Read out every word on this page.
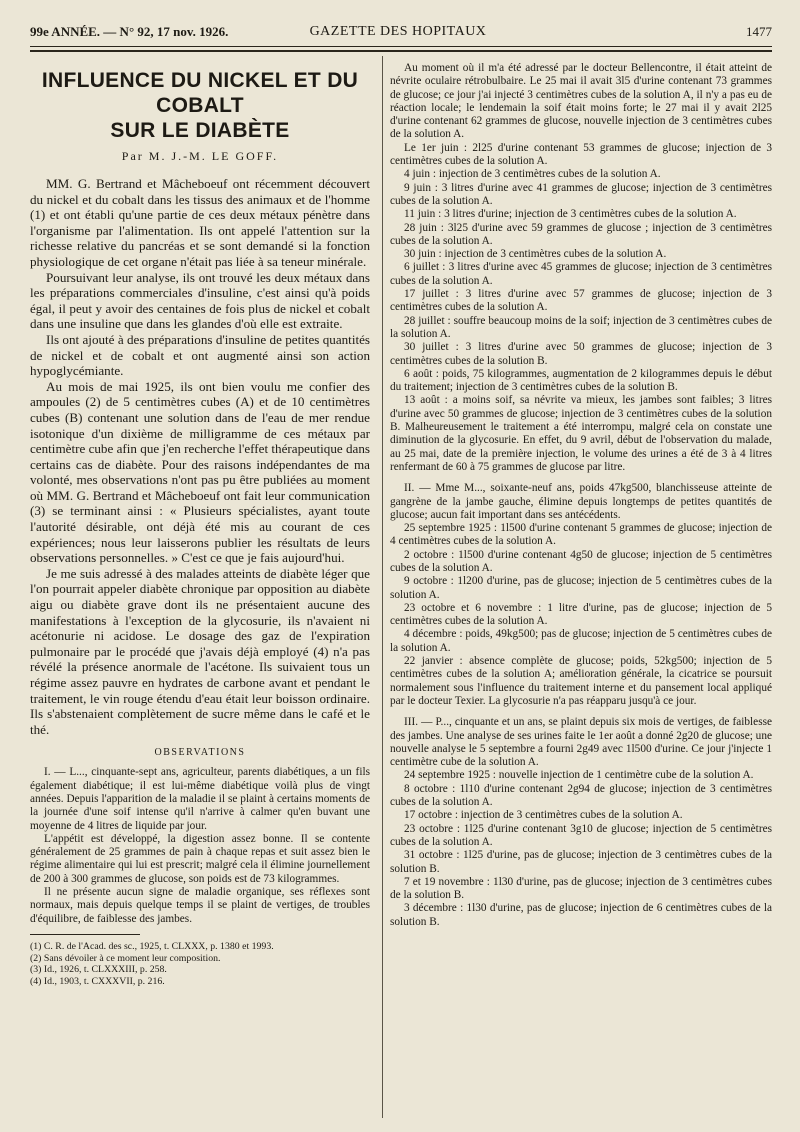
99e ANNÉE. — N° 92, 17 nov. 1926.	GAZETTE DES HOPITAUX	1477
INFLUENCE DU NICKEL ET DU COBALT
SUR LE DIABÈTE
Par M. J.-M. LE GOFF.

MM. G. Bertrand et Mâcheboeuf ont récemment découvert du nickel et du cobalt dans les tissus des animaux et de l'homme (1) et ont établi qu'une partie de ces deux métaux pénètre dans l'organisme par l'alimentation. Ils ont appelé l'attention sur la richesse relative du pancréas et se sont demandé si la fonction physiologique de cet organe n'était pas liée à sa teneur minérale.

Poursuivant leur analyse, ils ont trouvé les deux métaux dans les préparations commerciales d'insuline, c'est ainsi qu'à poids égal, il peut y avoir des centaines de fois plus de nickel et cobalt dans une insuline que dans les glandes d'où elle est extraite.

Ils ont ajouté à des préparations d'insuline de petites quantités de nickel et de cobalt et ont augmenté ainsi son action hypoglycémiante.

Au mois de mai 1925, ils ont bien voulu me confier des ampoules (2) de 5 centimètres cubes (A) et de 10 centimètres cubes (B) contenant une solution dans de l'eau de mer rendue isotonique d'un dixième de milligramme de ces métaux par centimètre cube afin que j'en recherche l'effet thérapeutique dans certains cas de diabète. Pour des raisons indépendantes de ma volonté, mes observations n'ont pas pu être publiées au moment où MM. G. Bertrand et Mâcheboeuf ont fait leur communication (3) se terminant ainsi : « Plusieurs spécialistes, ayant toute l'autorité désirable, ont déjà été mis au courant de ces expériences; nous leur laisserons publier les résultats de leurs observations personnelles. » C'est ce que je fais aujourd'hui.

Je me suis adressé à des malades atteints de diabète léger que l'on pourrait appeler diabète chronique par opposition au diabète aigu ou diabète grave dont ils ne présentaient aucune des manifestations à l'exception de la glycosurie, ils n'avaient ni acétonurie ni acidose. Le dosage des gaz de l'expiration pulmonaire par le procédé que j'avais déjà employé (4) n'a pas révélé la présence anormale de l'acétone. Ils suivaient tous un régime assez pauvre en hydrates de carbone avant et pendant le traitement, le vin rouge étendu d'eau était leur boisson ordinaire. Ils s'abstenaient complètement de sucre même dans le café et le thé.

OBSERVATIONS

I. — L..., cinquante-sept ans, agriculteur, parents diabétiques, a un fils également diabétique; il est lui-même diabétique voilà plus de vingt années. Depuis l'apparition de la maladie il se plaint à certains moments de la journée d'une soif intense qu'il n'arrive à calmer qu'en buvant une moyenne de 4 litres de liquide par jour.

L'appétit est développé, la digestion assez bonne. Il se contente généralement de 25 grammes de pain à chaque repas et suit assez bien le régime alimentaire qui lui est prescrit; malgré cela il élimine journellement de 200 à 300 grammes de glucose, son poids est de 73 kilogrammes.

Il ne présente aucun signe de maladie organique, ses réflexes sont normaux, mais depuis quelque temps il se plaint de vertiges, de troubles d'équilibre, de faiblesse des jambes.

(1) C. R. de l'Acad. des sc., 1925, t. CLXXX, p. 1380 et 1993.

(2) Sans dévoiler à ce moment leur composition.

(3) Id., 1926, t. CLXXXIII, p. 258.

(4) Id., 1903, t. CXXXVII, p. 216.

Au moment où il m'a été adressé par le docteur Bellencontre, il était atteint de névrite oculaire rétrobulbaire. Le 25 mai il avait 3l5 d'urine contenant 73 grammes de glucose; ce jour j'ai injecté 3 centimètres cubes de la solution A, il n'y a pas eu de réaction locale; le lendemain la soif était moins forte; le 27 mai il y avait 2l25 d'urine contenant 62 grammes de glucose, nouvelle injection de 3 centimètres cubes de la solution A.

Le 1er juin : 2l25 d'urine contenant 53 grammes de glucose; injection de 3 centimètres cubes de la solution A.

4 juin : injection de 3 centimètres cubes de la solution A.

9 juin : 3 litres d'urine avec 41 grammes de glucose; injection de 3 centimètres cubes de la solution A.

11 juin : 3 litres d'urine; injection de 3 centimètres cubes de la solution A.

28 juin : 3l25 d'urine avec 59 grammes de glucose ; injection de 3 centimètres cubes de la solution A.

30 juin : injection de 3 centimètres cubes de la solution A.

6 juillet : 3 litres d'urine avec 45 grammes de glucose; injection de 3 centimètres cubes de la solution A.

17 juillet : 3 litres d'urine avec 57 grammes de glucose; injection de 3 centimètres cubes de la solution A.

28 juillet : souffre beaucoup moins de la soif; injection de 3 centimètres cubes de la solution A.

30 juillet : 3 litres d'urine avec 50 grammes de glucose; injection de 3 centimètres cubes de la solution B.

6 août : poids, 75 kilogrammes, augmentation de 2 kilogrammes depuis le début du traitement; injection de 3 centimètres cubes de la solution B.

13 août : a moins soif, sa névrite va mieux, les jambes sont faibles; 3 litres d'urine avec 50 grammes de glucose; injection de 3 centimètres cubes de la solution B. Malheureusement le traitement a été interrompu, malgré cela on constate une diminution de la glycosurie. En effet, du 9 avril, début de l'observation du malade, au 25 mai, date de la première injection, le volume des urines a été de 3 à 4 litres renfermant de 60 à 75 grammes de glucose par litre.

II. — Mme M..., soixante-neuf ans, poids 47kg500, blanchisseuse atteinte de gangrène de la jambe gauche, élimine depuis longtemps de petites quantités de glucose; aucun fait important dans ses antécédents.

25 septembre 1925 : 1l500 d'urine contenant 5 grammes de glucose; injection de 4 centimètres cubes de la solution A.

2 octobre : 1l500 d'urine contenant 4g50 de glucose; injection de 5 centimètres cubes de la solution A.

9 octobre : 1l200 d'urine, pas de glucose; injection de 5 centimètres cubes de la solution A.

23 octobre et 6 novembre : 1 litre d'urine, pas de glucose; injection de 5 centimètres cubes de la solution A.

4 décembre : poids, 49kg500; pas de glucose; injection de 5 centimètres cubes de la solution A.

22 janvier : absence complète de glucose; poids, 52kg500; injection de 5 centimètres cubes de la solution A; amélioration générale, la cicatrice se poursuit normalement sous l'influence du traitement interne et du pansement local appliqué par le docteur Texier. La glycosurie n'a pas réapparu jusqu'à ce jour.

III. — P..., cinquante et un ans, se plaint depuis six mois de vertiges, de faiblesse des jambes. Une analyse de ses urines faite le 1er août a donné 2g20 de glucose; une nouvelle analyse le 5 septembre a fourni 2g49 avec 1l500 d'urine. Ce jour j'injecte 1 centimètre cube de la solution A.

24 septembre 1925 : nouvelle injection de 1 centimètre cube de la solution A.

8 octobre : 1l10 d'urine contenant 2g94 de glucose; injection de 3 centimètres cubes de la solution A.

17 octobre : injection de 3 centimètres cubes de la solution A.

23 octobre : 1l25 d'urine contenant 3g10 de glucose; injection de 5 centimètres cubes de la solution A.

31 octobre : 1l25 d'urine, pas de glucose; injection de 3 centimètres cubes de la solution B.

7 et 19 novembre : 1l30 d'urine, pas de glucose; injection de 3 centimètres cubes de la solution B.

3 décembre : 1l30 d'urine, pas de glucose; injection de 6 centimètres cubes de la solution B.
